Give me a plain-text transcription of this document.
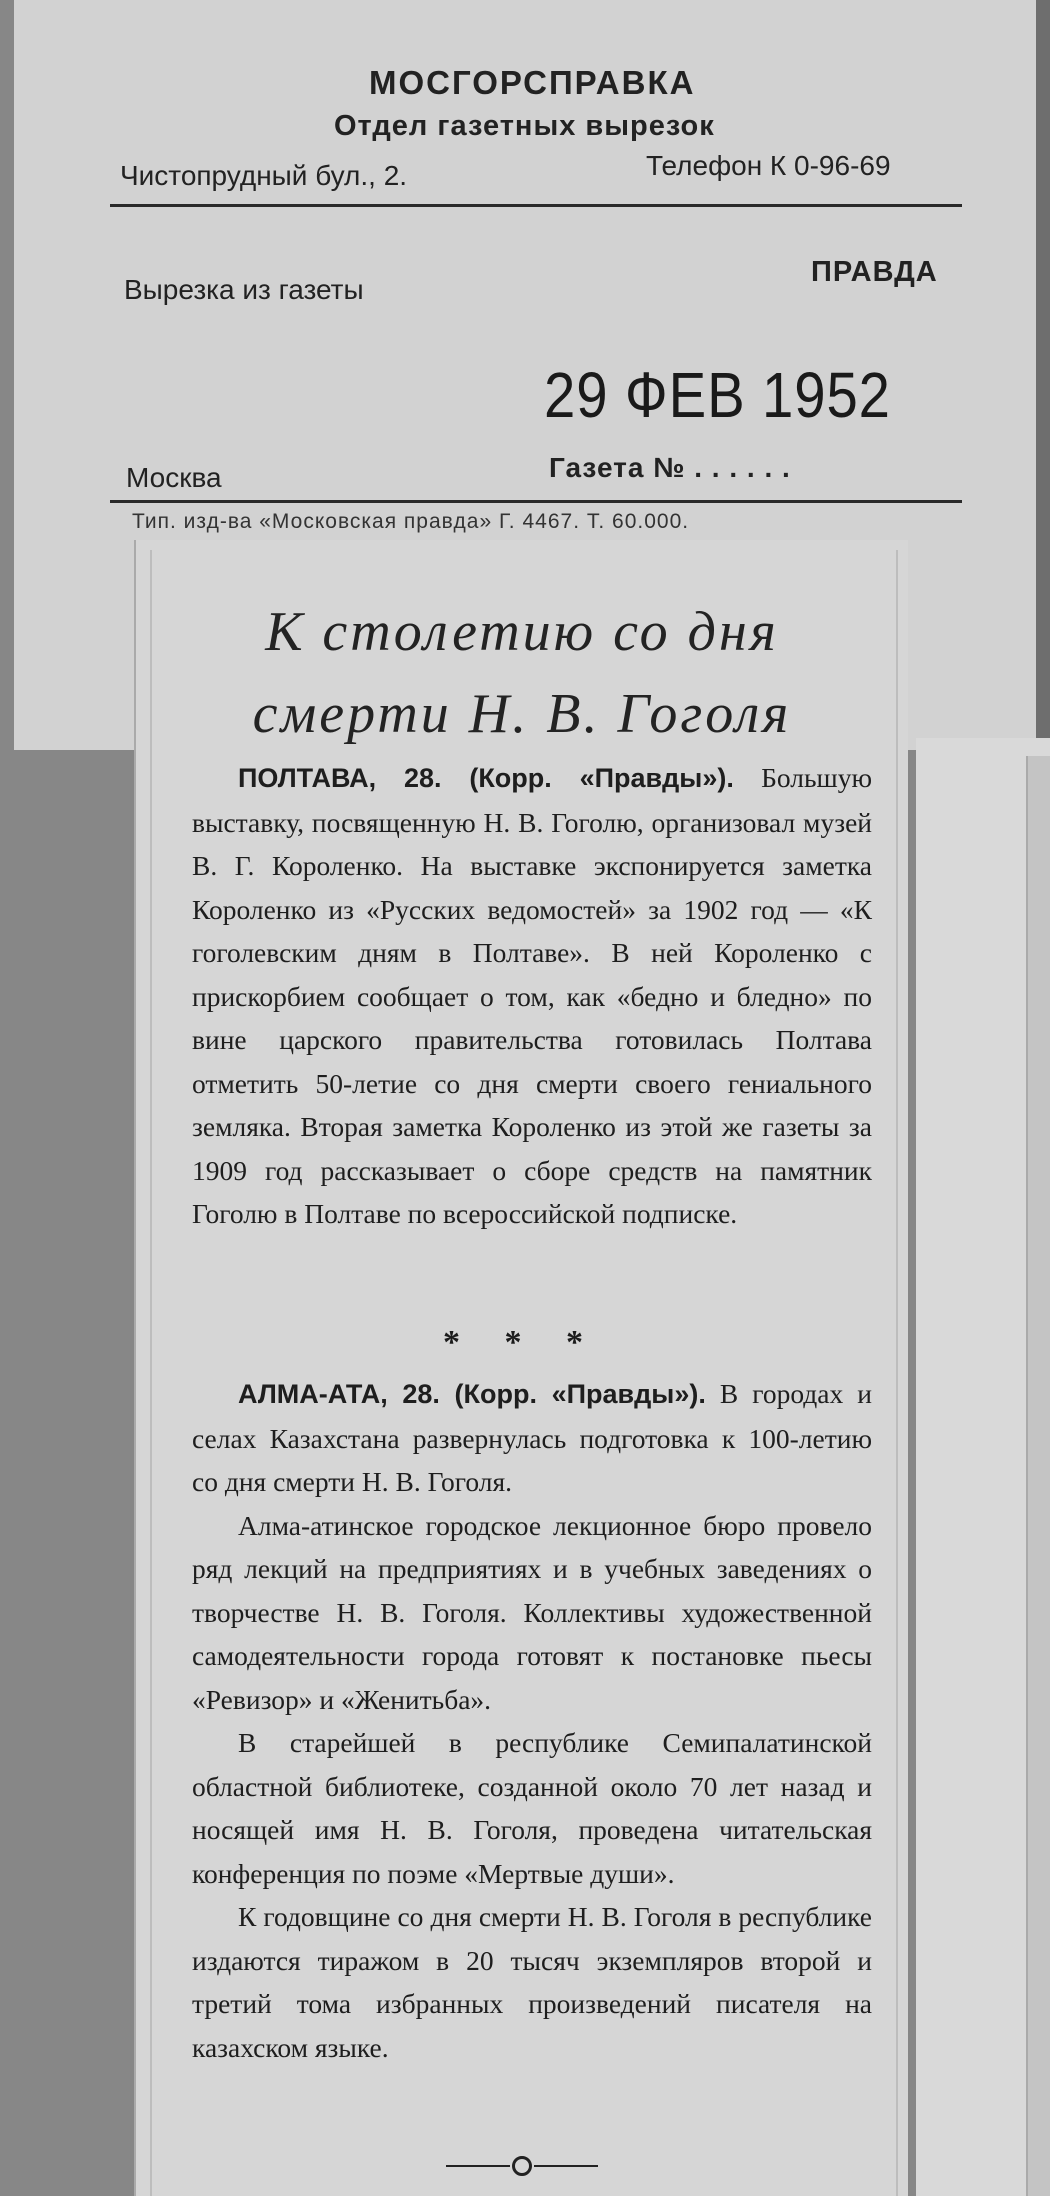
МОСГОРСПРАВКА
Отдел газетных вырезок
Чистопрудный бул., 2.	Телефон К 0-96-69
Вырезка из газеты
ПРАВДА
29 ФЕВ 1952
Москва	Газета № . . . . . .
Тип. изд-ва «Московская правда» Г. 4467. Т. 60.000.
К столетию со дня
смерти Н. В. Гоголя

ПОЛТАВА, 28. (Корр. «Правды»). Большую выставку, посвященную Н. В. Гоголю, организовал музей В. Г. Короленко. На выставке экспонируется заметка Короленко из «Русских ведомостей» за 1902 год — «К гоголевским дням в Полтаве». В ней Короленко с прискорбием сообщает о том, как «бедно и бледно» по вине царского правительства готовилась Полтава отметить 50-летие со дня смерти своего гениального земляка. Вторая заметка Короленко из этой же газеты за 1909 год рассказывает о сборе средств на памятник Гоголю в Полтаве по всероссийской подписке.

* * *

АЛМА-АТА, 28. (Корр. «Правды»). В городах и селах Казахстана развернулась подготовка к 100-летию со дня смерти Н. В. Гоголя.

Алма-атинское городское лекционное бюро провело ряд лекций на предприятиях и в учебных заведениях о творчестве Н. В. Гоголя. Коллективы художественной самодеятельности города готовят к постановке пьесы «Ревизор» и «Женитьба».

В старейшей в республике Семипалатинской областной библиотеке, созданной около 70 лет назад и носящей имя Н. В. Гоголя, проведена читательская конференция по поэме «Мертвые души».

К годовщине со дня смерти Н. В. Гоголя в республике издаются тиражом в 20 тысяч экземпляров второй и третий тома избранных произведений писателя на казахском языке.
